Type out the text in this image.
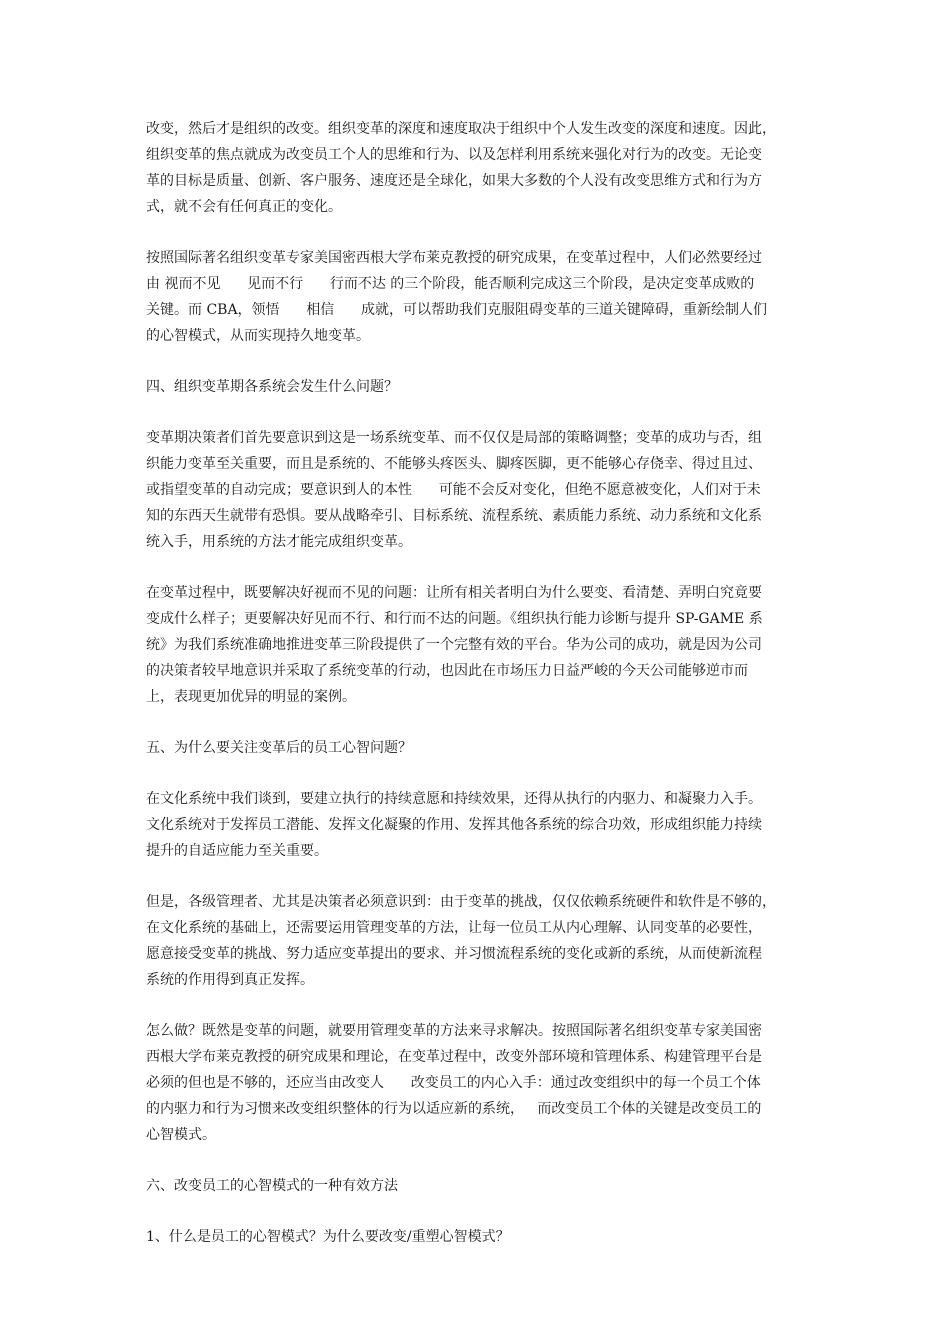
改变，然后才是组织的改变。组织变革的深度和速度取决于组织中个人发生改变的深度和速度。因此，
组织变革的焦点就成为改变员工个人的思维和行为、以及怎样利用系统来强化对行为的改变。无论变
革的目标是质量、创新、客户服务、速度还是全球化，如果大多数的个人没有改变思维方式和行为方
式，就不会有任何真正的变化。
按照国际著名组织变革专家美国密西根大学布莱克教授的研究成果，在变革过程中，人们必然要经过
由 视而不见      见而不行      行而不达 的三个阶段，能否顺利完成这三个阶段，是决定变革成败的
关键。而 CBA，领悟      相信      成就，可以帮助我们克服阻碍变革的三道关键障碍，重新绘制人们
的心智模式，从而实现持久地变革。
四、组织变革期各系统会发生什么问题？
变革期决策者们首先要意识到这是一场系统变革、而不仅仅是局部的策略调整；变革的成功与否，组
织能力变革至关重要，而且是系统的、不能够头疼医头、脚疼医脚，更不能够心存侥幸、得过且过、
或指望变革的自动完成；要意识到人的本性      可能不会反对变化，但绝不愿意被变化，人们对于未
知的东西天生就带有恐惧。要从战略牵引、目标系统、流程系统、素质能力系统、动力系统和文化系
统入手，用系统的方法才能完成组织变革。
在变革过程中，既要解决好视而不见的问题：让所有相关者明白为什么要变、看清楚、弄明白究竟要
变成什么样子；更要解决好见而不行、和行而不达的问题。《组织执行能力诊断与提升 SP-GAME 系
统》为我们系统准确地推进变革三阶段提供了一个完整有效的平台。华为公司的成功，就是因为公司
的决策者较早地意识并采取了系统变革的行动，也因此在市场压力日益严峻的今天公司能够逆市而
上，表现更加优异的明显的案例。
五、为什么要关注变革后的员工心智问题？
在文化系统中我们谈到，要建立执行的持续意愿和持续效果，还得从执行的内驱力、和凝聚力入手。
文化系统对于发挥员工潜能、发挥文化凝聚的作用、发挥其他各系统的综合功效，形成组织能力持续
提升的自适应能力至关重要。
但是，各级管理者、尤其是决策者必须意识到：由于变革的挑战，仅仅依赖系统硬件和软件是不够的，
在文化系统的基础上，还需要运用管理变革的方法，让每一位员工从内心理解、认同变革的必要性，
愿意接受变革的挑战、努力适应变革提出的要求、并习惯流程系统的变化或新的系统，从而使新流程
系统的作用得到真正发挥。
怎么做？既然是变革的问题，就要用管理变革的方法来寻求解决。按照国际著名组织变革专家美国密
西根大学布莱克教授的研究成果和理论，在变革过程中，改变外部环境和管理体系、构建管理平台是
必须的但也是不够的，还应当由改变人      改变员工的内心入手：通过改变组织中的每一个员工个体
的内驱力和行为习惯来改变组织整体的行为以适应新的系统，   而改变员工个体的关键是改变员工的
心智模式。
六、改变员工的心智模式的一种有效方法
1、什么是员工的心智模式？为什么要改变/重塑心智模式？
